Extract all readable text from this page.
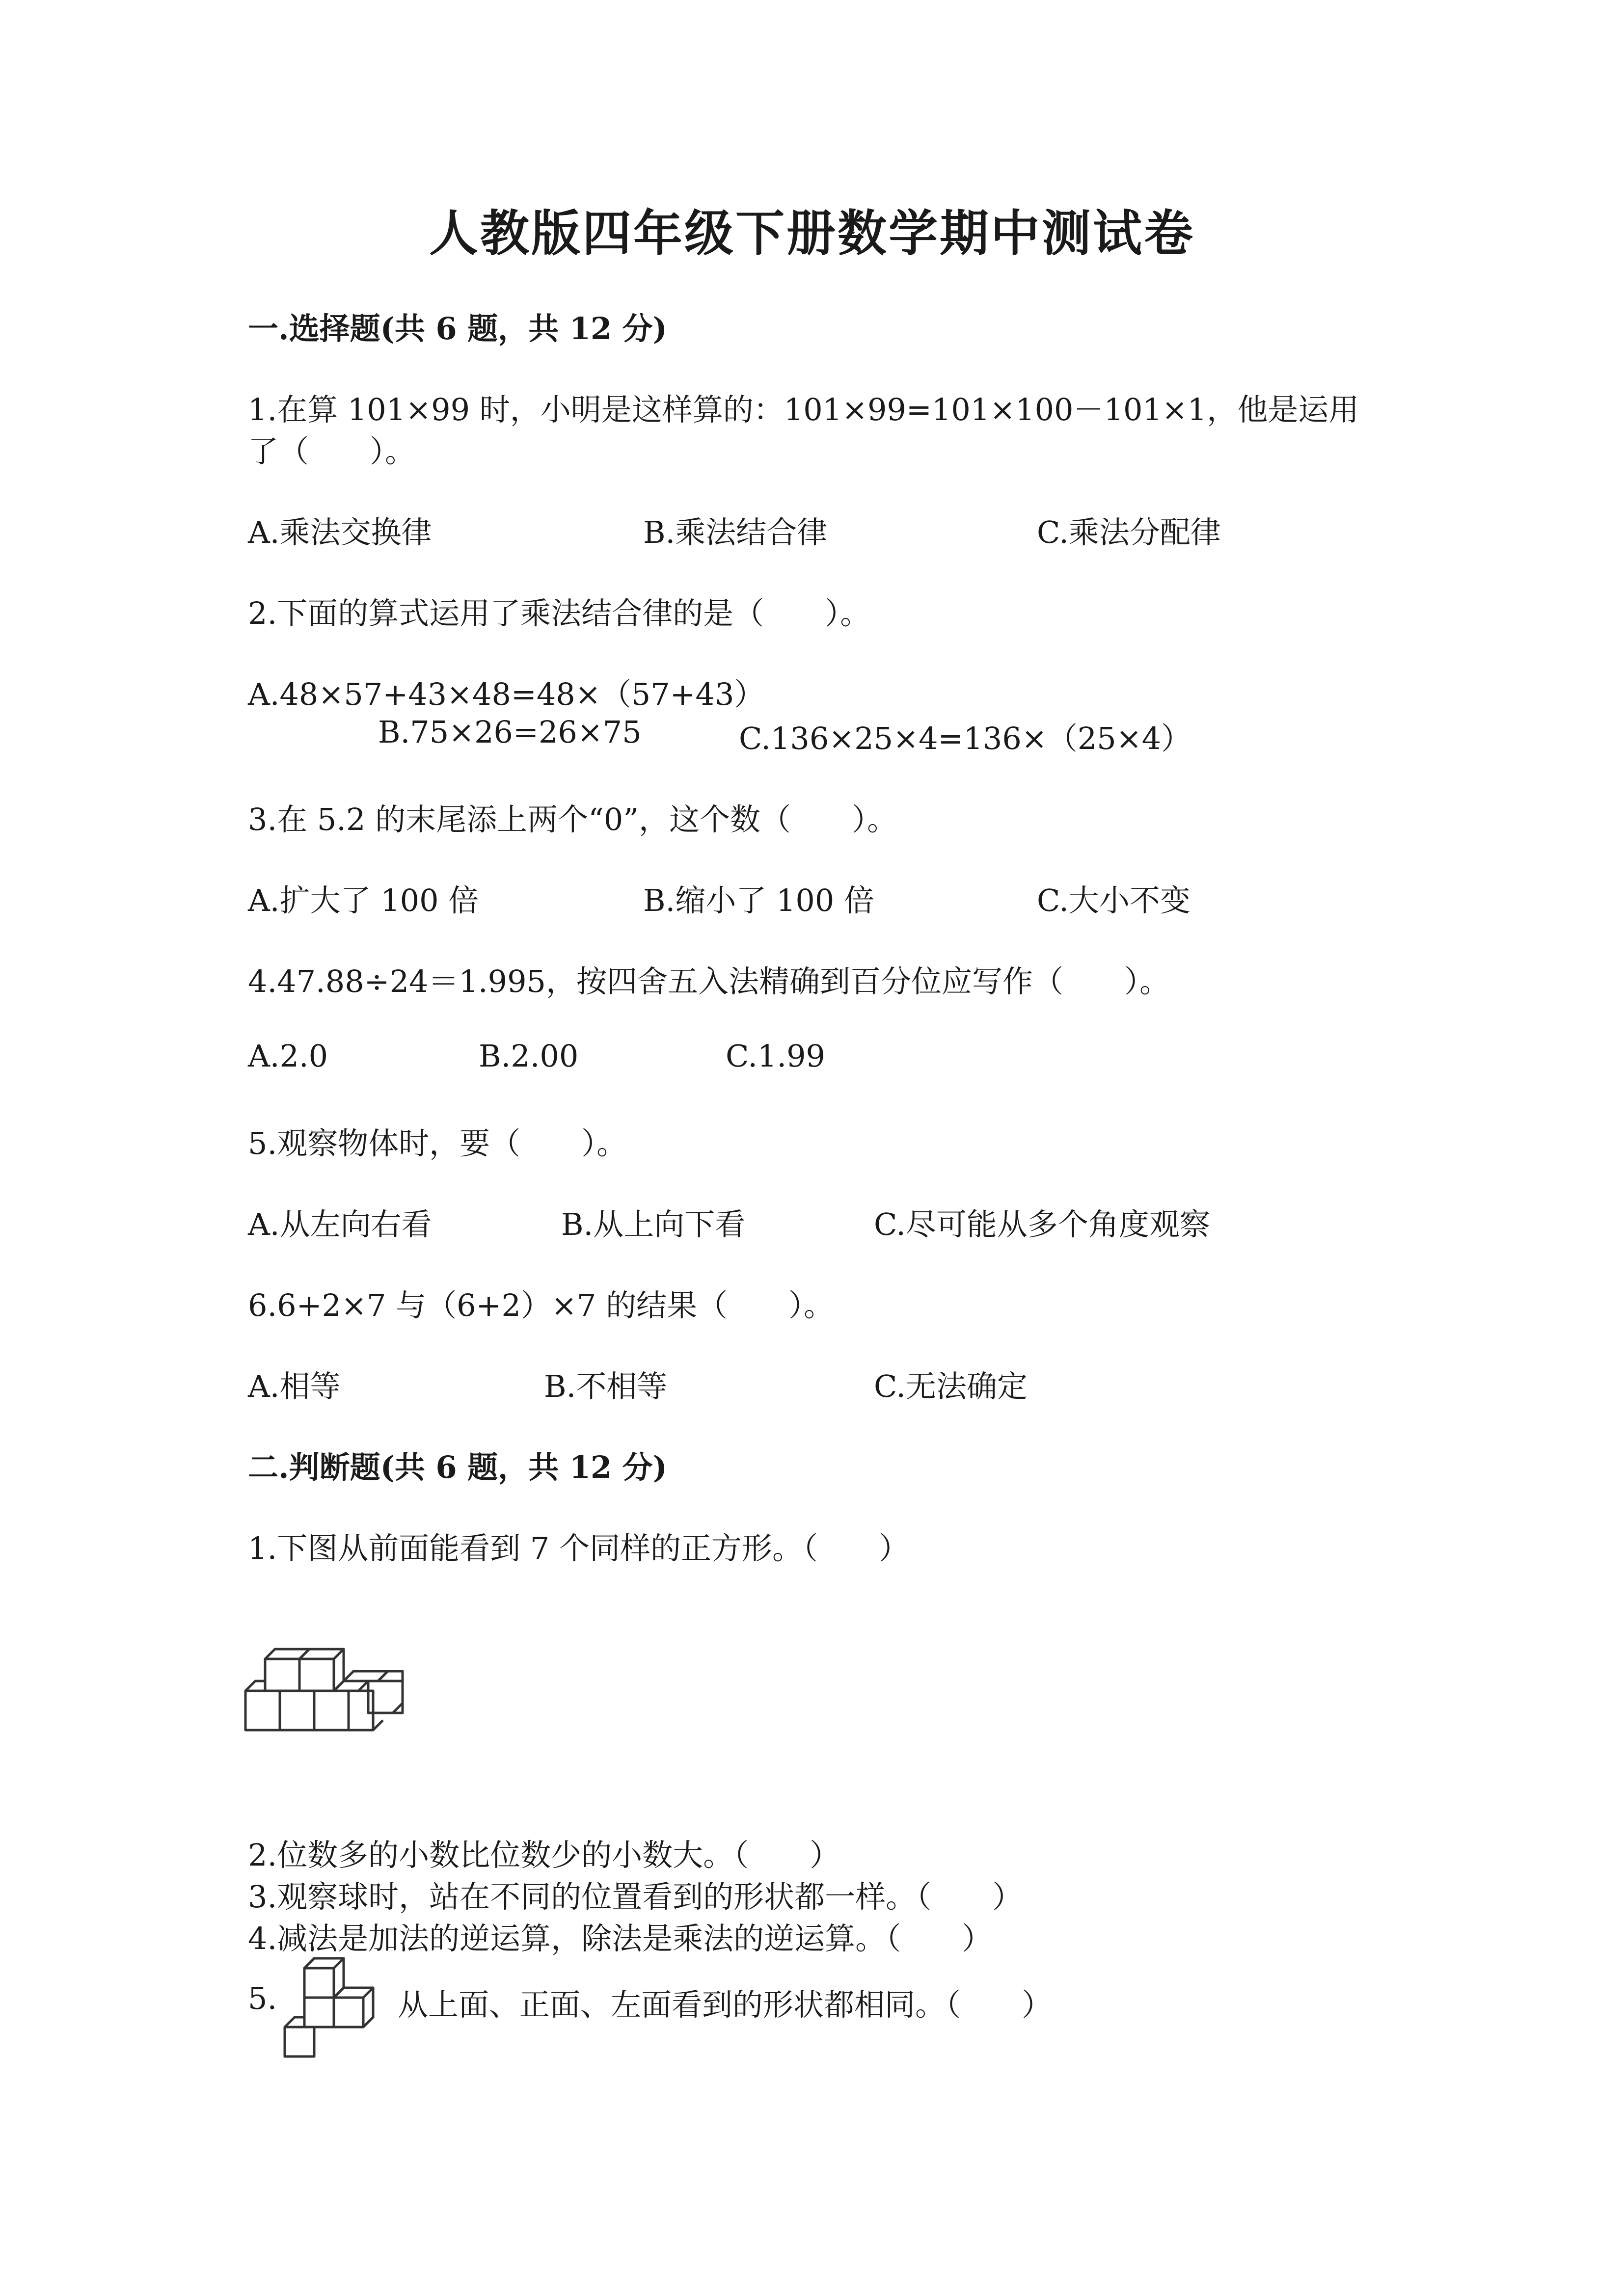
人教版四年级下册数学期中测试卷
一.选择题(共 6 题，共 12 分)
1.在算 101×99 时，小明是这样算的：101×99=101×100－101×1，他是运用
了（　　）。
A.乘法交换律	B.乘法结合律	C.乘法分配律
2.下面的算式运用了乘法结合律的是（　　）。
A.48×57+43×48=48×（57+43）
B.75×26=26×75	C.136×25×4=136×（25×4）
3.在 5.2 的末尾添上两个“0”，这个数（　　）。
A.扩大了 100 倍	B.缩小了 100 倍	C.大小不变
4.47.88÷24＝1.995，按四舍五入法精确到百分位应写作（　　）。
A.2.0	B.2.00	C.1.99
5.观察物体时，要（　　）。
A.从左向右看	B.从上向下看	C.尽可能从多个角度观察
6.6+2×7 与（6+2）×7 的结果（　　）。
A.相等	B.不相等	C.无法确定
二.判断题(共 6 题，共 12 分)
1.下图从前面能看到 7 个同样的正方形。（　　）
2.位数多的小数比位数少的小数大。（　　）
3.观察球时，站在不同的位置看到的形状都一样。（　　）
4.减法是加法的逆运算，除法是乘法的逆运算。（　　）
5.	从上面、正面、左面看到的形状都相同。（　　）
